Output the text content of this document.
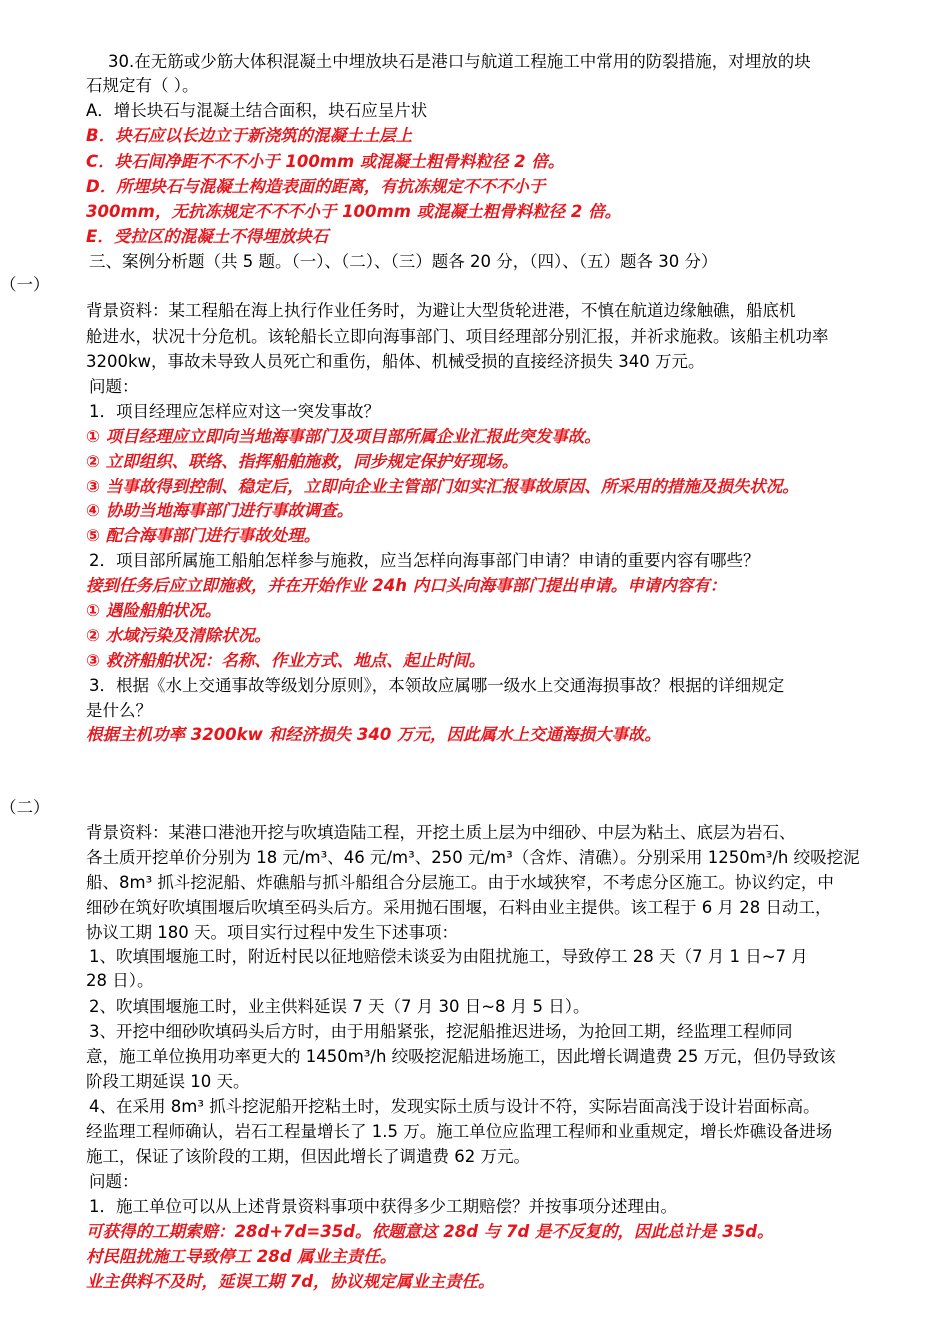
30.在无筋或少筋大体积混凝土中埋放块石是港口与航道工程施工中常用的防裂措施，对埋放的块
石规定有（ ）。
A．增长块石与混凝土结合面积，块石应呈片状
B．块石应以长边立于新浇筑的混凝土土层上
C．块石间净距不不不小于 100mm 或混凝土粗骨料粒径 2 倍。
D．所埋块石与混凝土构造表面的距离，有抗冻规定不不不小于
300mm，无抗冻规定不不不小于 100mm 或混凝土粗骨料粒径 2 倍。
E．受拉区的混凝土不得埋放块石
三、案例分析题（共 5 题。（一）、（二）、（三）题各 20 分，（四）、（五）题各 30 分）
（一）
背景资料：某工程船在海上执行作业任务时，为避让大型货轮进港，不慎在航道边缘触礁，船底机
舱进水，状况十分危机。该轮船长立即向海事部门、项目经理部分别汇报，并祈求施救。该船主机功率
3200kw，事故未导致人员死亡和重伤，船体、机械受损的直接经济损失 340 万元。
问题：
1．项目经理应怎样应对这一突发事故？
① 项目经理应立即向当地海事部门及项目部所属企业汇报此突发事故。
② 立即组织、联络、指挥船舶施救，同步规定保护好现场。
③ 当事故得到控制、稳定后，立即向企业主管部门如实汇报事故原因、所采用的措施及损失状况。
④ 协助当地海事部门进行事故调查。
⑤ 配合海事部门进行事故处理。
2．项目部所属施工船舶怎样参与施救，应当怎样向海事部门申请？申请的重要内容有哪些？
接到任务后应立即施救，并在开始作业 24h 内口头向海事部门提出申请。申请内容有：
① 遇险船舶状况。
② 水域污染及清除状况。
③ 救济船舶状况：名称、作业方式、地点、起止时间。
3．根据《水上交通事故等级划分原则》，本领故应属哪一级水上交通海损事故？根据的详细规定
是什么？
根据主机功率 3200kw 和经济损失 340 万元，因此属水上交通海损大事故。
（二）
背景资料：某港口港池开挖与吹填造陆工程，开挖土质上层为中细砂、中层为粘土、底层为岩石、
各土质开挖单价分别为 18 元/m³、46 元/m³、250 元/m³（含炸、清礁）。分别采用 1250m³/h 绞吸挖泥
船、8m³ 抓斗挖泥船、炸礁船与抓斗船组合分层施工。由于水域狭窄，不考虑分区施工。协议约定，中
细砂在筑好吹填围堰后吹填至码头后方。采用抛石围堰，石料由业主提供。该工程于 6 月 28 日动工，
协议工期 180 天。项目实行过程中发生下述事项：
1、吹填围堰施工时，附近村民以征地赔偿未谈妥为由阻扰施工，导致停工 28 天（7 月 1 日~7 月
28 日）。
2、吹填围堰施工时，业主供料延误 7 天（7 月 30 日~8 月 5 日）。
3、开挖中细砂吹填码头后方时，由于用船紧张，挖泥船推迟进场，为抢回工期，经监理工程师同
意，施工单位换用功率更大的 1450m³/h 绞吸挖泥船进场施工，因此增长调遣费 25 万元，但仍导致该
阶段工期延误 10 天。
4、在采用 8m³ 抓斗挖泥船开挖粘土时，发现实际土质与设计不符，实际岩面高浅于设计岩面标高。
经监理工程师确认，岩石工程量增长了 1.5 万。施工单位应监理工程师和业重规定，增长炸礁设备进场
施工，保证了该阶段的工期，但因此增长了调遣费 62 万元。
问题：
1．施工单位可以从上述背景资料事项中获得多少工期赔偿？并按事项分述理由。
可获得的工期索赔：28d+7d=35d。依题意这 28d 与 7d 是不反复的，因此总计是 35d。
村民阻扰施工导致停工 28d 属业主责任。
业主供料不及时，延误工期 7d，协议规定属业主责任。
